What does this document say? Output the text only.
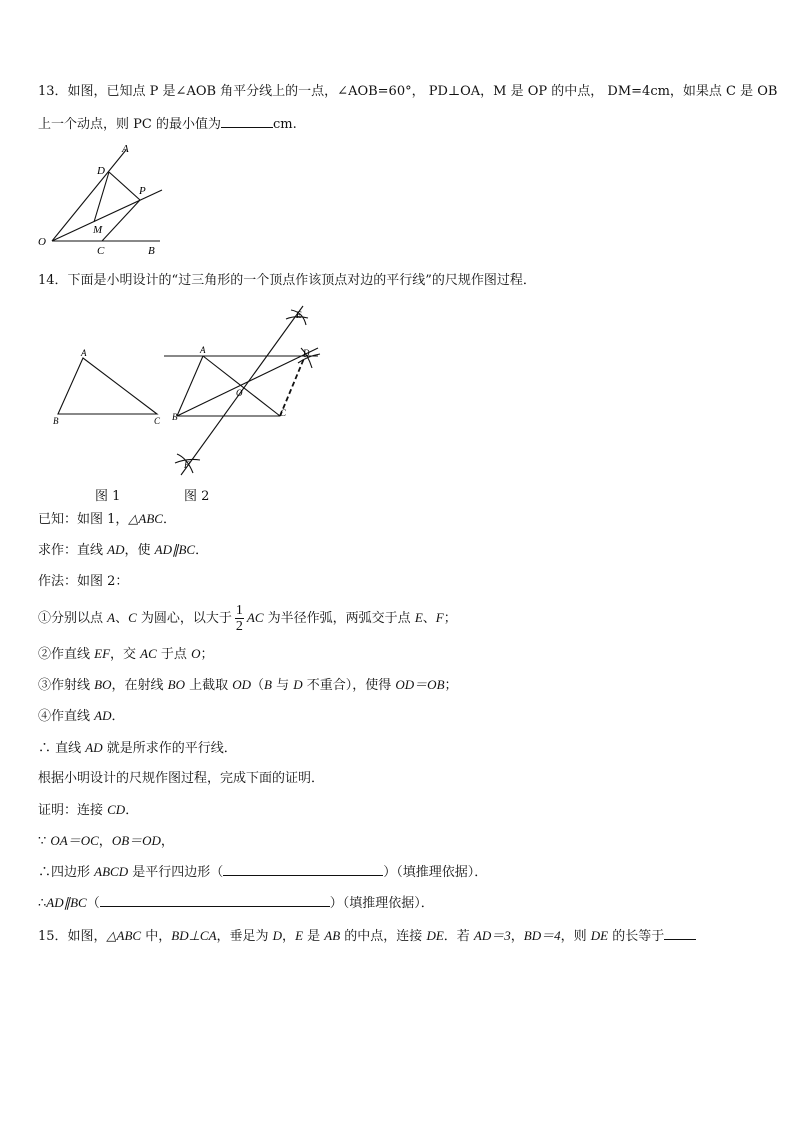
13．如图，已知点 P 是∠AOB 角平分线上的一点，∠AOB=60°， PD⊥OA，M 是 OP 的中点， DM=4cm，如果点 C 是 OB
上一个动点，则 PC 的最小值为	cm.
A
D
P
M
O
C	B
14．下面是小明设计的“过三角形的一个顶点作该顶点对边的平行线”的尺规作图过程．
A
B	C
E
A	D
O
B	C
F
图 1	图 2
已知：如图 1，△ABC．
求作：直线 AD，使 AD∥BC．
作法：如图 2：
①分别以点 A、C 为圆心，以大于 $\frac{1}{2}$ AC 为半径作弧，两弧交于点 E、F；
②作直线 EF，交 AC 于点 O；
③作射线 BO，在射线 BO 上截取 OD（B 与 D 不重合），使得 OD＝OB；
④作直线 AD．
∴ 直线 AD 就是所求作的平行线．
根据小明设计的尺规作图过程，完成下面的证明．
证明：连接 CD．
∵ OA＝OC，OB＝OD，
∴四边形 ABCD 是平行四边形（	）（填推理依据）．
∴AD∥BC（	）（填推理依据）．
15．如图，△ABC 中，BD⊥CA，垂足为 D，E 是 AB 的中点，连接 DE．若 AD＝3，BD＝4，则 DE 的长等于
